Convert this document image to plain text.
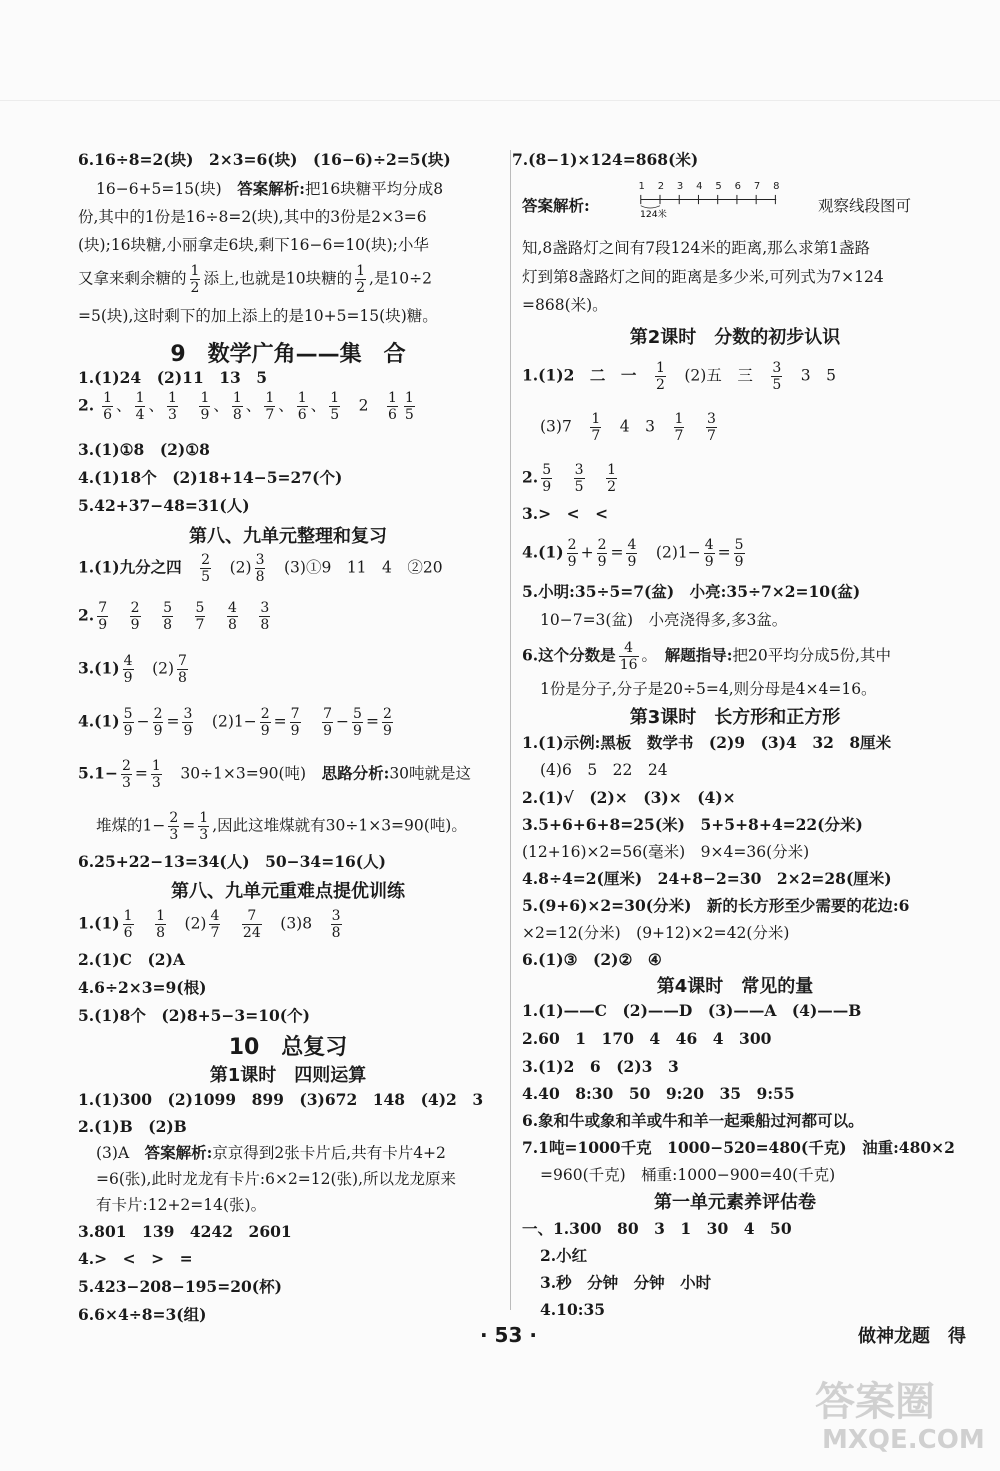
6.16÷8=2(块)　2×3=6(块)　(16−6)÷2=5(块)
16−6+5=15(块)　 答案解析:把16块糖平均分成8
份,其中的1份是16÷8=2(块),其中的3份是2×3=6
(块);16块糖,小丽拿走6块,剩下16−6=10(块);小华
又拿来剩余糖的 $\frac{1}{2}$ 添上,也就是10块糖的 $\frac{1}{2}$ ,是10÷2
=5(块),这时剩下的加上添上的是10+5=15(块)糖。
9　数学广角——集　合
1.(1)24　(2)11　13　5
2. $\frac{1}{6}$ 、 $\frac{1}{4}$ 、 $\frac{1}{3}$
　 $\frac{1}{9}$ 、 $\frac{1}{8}$ 、 $\frac{1}{7}$ 、 $\frac{1}{6}$ 、 $\frac{1}{5}$ 　2　 $\frac{1}{6} \frac{1}{5}$
3.(1)①8　(2)①8
4.(1)18个　(2)18+14−5=27(个)
5.42+37−48=31(人)
第八、九单元整理和复习
1.(1)九分之四　 $\frac{2}{5}$
　 $(2) \frac{3}{8}$
　 (3)①9　11　4　②20
2. $\frac{7}{9}$
　 $\frac{2}{9}$
　 $\frac{5}{8}$
　 $\frac{5}{7}$
　 $\frac{4}{8}$
　 $\frac{3}{8}$
$3.(1) \frac{4}{9}$
　 $(2) \frac{7}{8}$
$4.(1) \frac{5}{9} - \frac{2}{9} = \frac{3}{9}$
　 $(2)1- \frac{2}{9} = \frac{7}{9}$
　 $\frac{7}{9} - \frac{5}{9} = \frac{2}{9}$
$5.1- \frac{2}{3} = \frac{1}{3}$
　 30÷1×3=90(吨)　 思路分析:30吨就是这
堆煤的$1- \frac{2}{3} = \frac{1}{3}$ ,因此这堆煤就有30÷1×3=90(吨)。
6.25+22−13=34(人)　50−34=16(人)
第八、九单元重难点提优训练
$1.(1) \frac{1}{6}$
　 $\frac{1}{8}$
　 $(2) \frac{4}{7}$
　 $\frac{7}{24}$
　 (3)8　 $\frac{3}{8}$
2.(1)C　(2)A
4.6÷2×3=9(根)
5.(1)8个　(2)8+5−3=10(个)
10　总复习
第1课时　四则运算
1.(1)300　(2)1099　899　(3)672　148　(4)2　3
2.(1)B　(2)B
(3)A　 答案解析:京京得到2张卡片后,共有卡片4+2
=6(张),此时龙龙有卡片:6×2=12(张),所以龙龙原来
有卡片:12+2=14(张)。
3.801　139　4242　2601
4.>　<　>　=
5.423−208−195=20(杯)
6.6×4÷8=3(组)
7.(8−1)×124=868(米)
答案解析:
1 2 3 4 5 6 7 8
124米	观察线段图可
知,8盏路灯之间有7段124米的距离,那么求第1盏路
灯到第8盏路灯之间的距离是多少米,可列式为7×124
=868(米)。
第2课时　分数的初步认识
1.(1)2　二　一　 $\frac{1}{2}$
　 (2)五　三　 $\frac{3}{5}$
　 3　5
(3)7　 $\frac{1}{7}$
　 4　3　 $\frac{1}{7}$
　 $\frac{3}{7}$
2. $\frac{5}{9}$
　 $\frac{3}{5}$
　 $\frac{1}{2}$
3.>　<　<
$4.(1) \frac{2}{9} + \frac{2}{9} = \frac{4}{9}$
　 $(2)1- \frac{4}{9} = \frac{5}{9}$
5.小明:35÷5=7(盆)　小亮:35÷7×2=10(盆)
10−7=3(盆)　小亮浇得多,多3盆。
6.这个分数是 $\frac{4}{16}$ 。　 解题指导:把20平均分成5份,其中
1份是分子,分子是20÷5=4,则分母是4×4=16。
第3课时　长方形和正方形
1.(1)示例:黑板　数学书　(2)9　(3)4　32　8厘米
(4)6　5　22　24
2.(1)√　(2)×　(3)×　(4)×
3.5+6+6+8=25(米)　5+5+8+4=22(分米)
(12+16)×2=56(毫米)　9×4=36(分米)
4.8÷4=2(厘米)　24+8−2=30　2×2=28(厘米)
5.(9+6)×2=30(分米)　新的长方形至少需要的花边:6
×2=12(分米)　(9+12)×2=42(分米)
6.(1)③　(2)②　④
第4课时　常见的量
1.(1)——C　(2)——D　(3)——A　(4)——B
2.60　1　170　4　46　4　300
3.(1)2　6　(2)3　3
4.40　8:30　50　9:20　35　9:55
6.象和牛或象和羊或牛和羊一起乘船过河都可以。
7.1吨=1000千克　1000−520=480(千克)　油重:480×2
=960(千克)　桶重:1000−900=40(千克)
第一单元素养评估卷
一、1.300　80　3　1　30　4　50
2.小红
3.秒　分钟　分钟　小时
4.10:35
· 53 ·	做神龙题　得
答案圈
MXQE.COM
